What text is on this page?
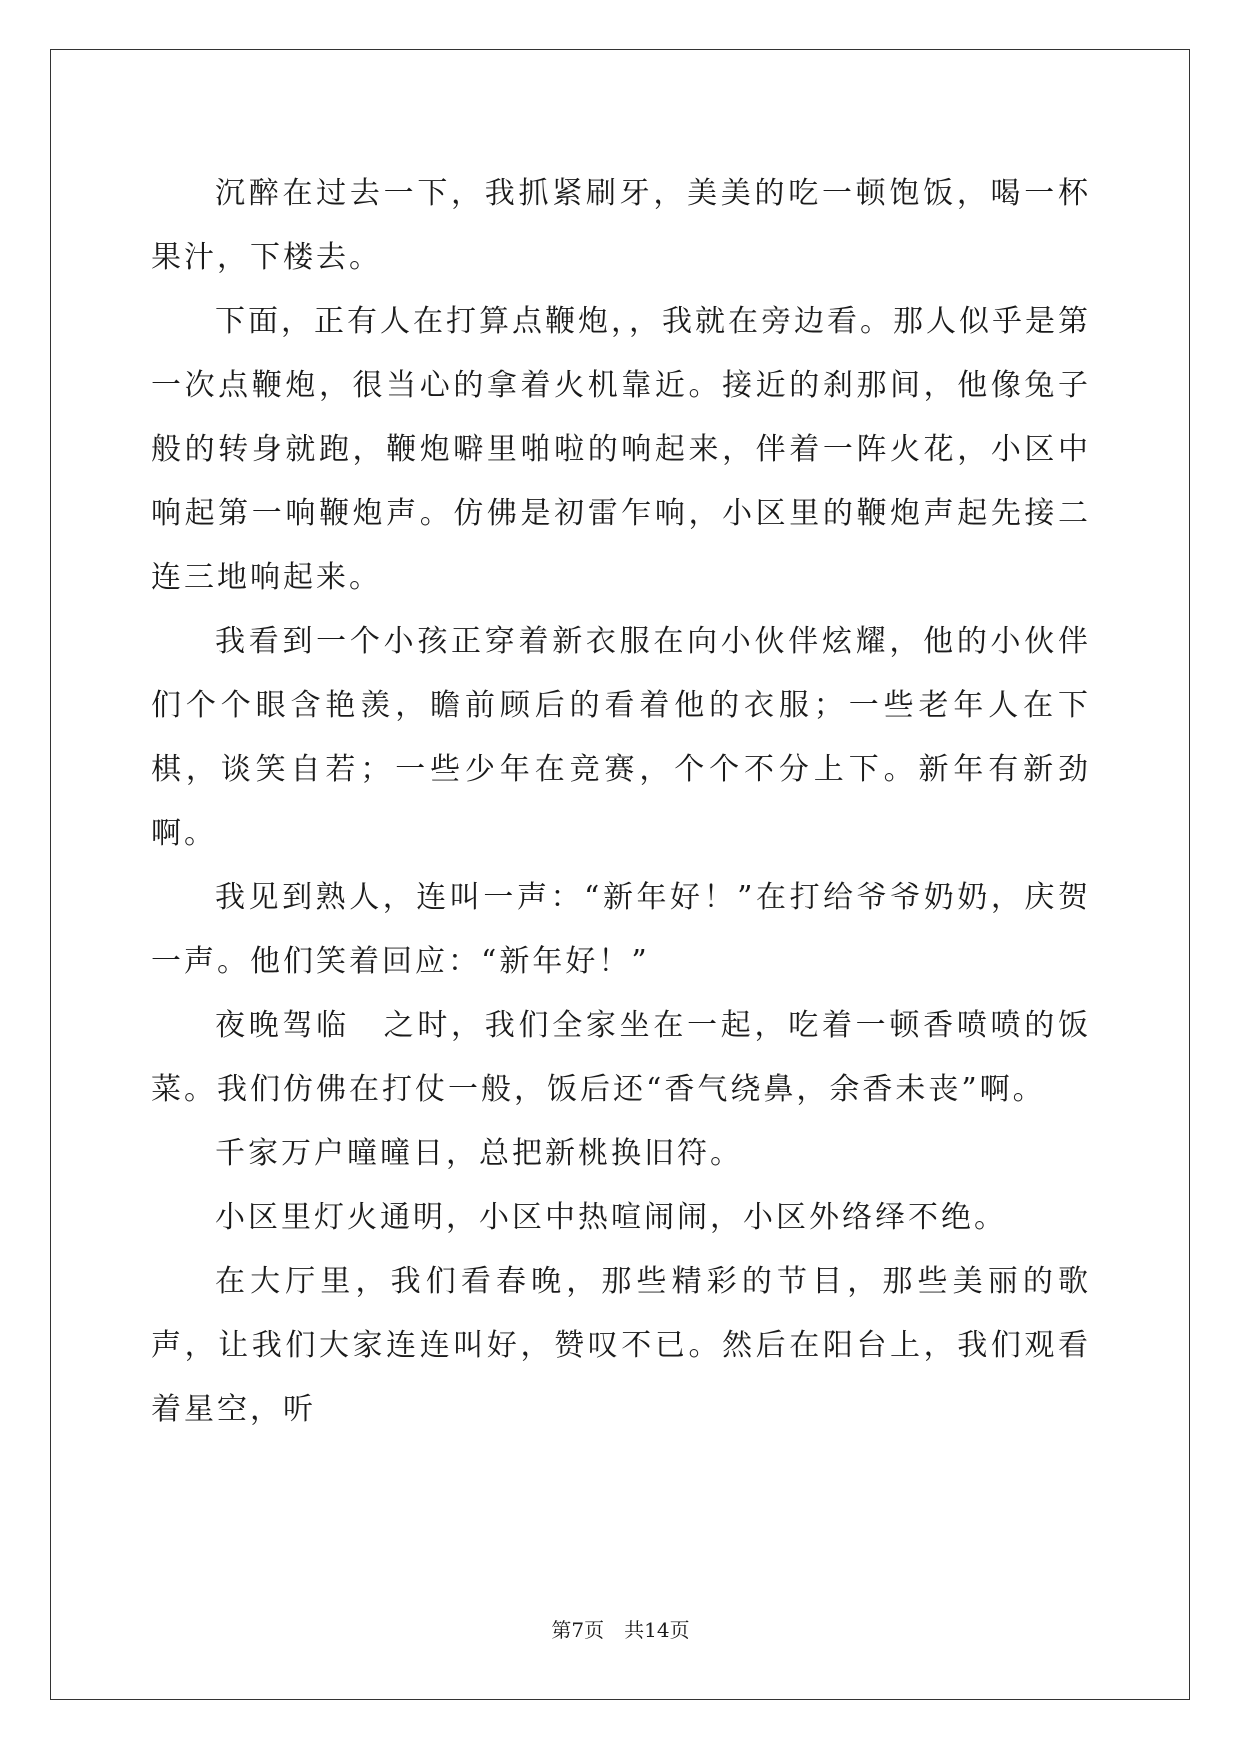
沉醉在过去一下，我抓紧刷牙，美美的吃一顿饱饭，喝一杯果汁，下楼去。

下面，正有人在打算点鞭炮，，我就在旁边看。那人似乎是第一次点鞭炮，很当心的拿着火机靠近。接近的刹那间，他像兔子般的转身就跑，鞭炮噼里啪啦的响起来，伴着一阵火花，小区中响起第一响鞭炮声。仿佛是初雷乍响，小区里的鞭炮声起先接二连三地响起来。

我看到一个小孩正穿着新衣服在向小伙伴炫耀，他的小伙伴们个个眼含艳羡，瞻前顾后的看着他的衣服；一些老年人在下棋，谈笑自若；一些少年在竞赛，个个不分上下。新年有新劲啊。

我见到熟人，连叫一声：“新年好！”在打给爷爷奶奶，庆贺一声。他们笑着回应：“新年好！”

夜晚驾临　之时，我们全家坐在一起，吃着一顿香喷喷的饭菜。我们仿佛在打仗一般，饭后还“香气绕鼻，余香未丧”啊。

千家万户曈曈日，总把新桃换旧符。

小区里灯火通明，小区中热喧闹闹，小区外络绎不绝。

在大厅里，我们看春晚，那些精彩的节目，那些美丽的歌声，让我们大家连连叫好，赞叹不已。然后在阳台上，我们观看着星空，听

第7页 共14页
